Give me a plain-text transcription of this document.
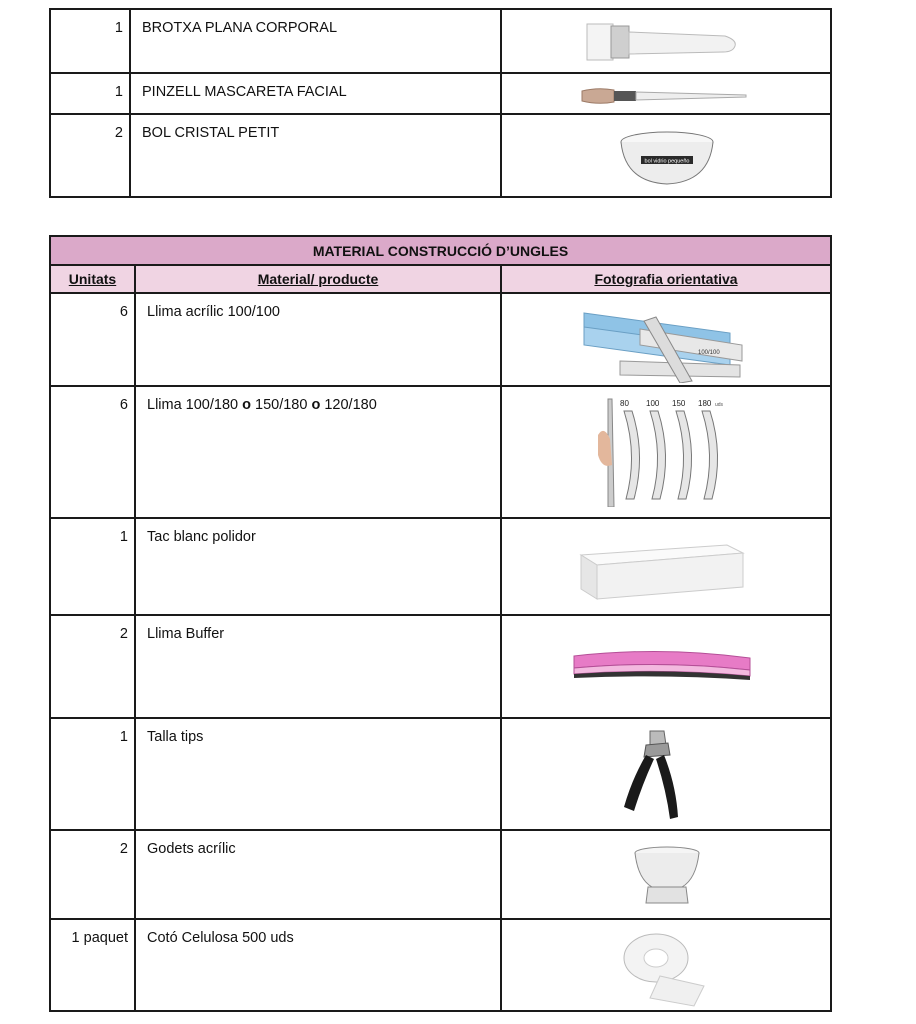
1	BROTXA PLANA CORPORAL	

1	PINZELL MASCARETA FACIAL	

2	BOL CRISTAL PETIT	bol vidrio pequeño
MATERIAL CONSTRUCCIÓ D’UNGLES		
Unitats	Material/ producte	Fotografia orientativa
6	Llima acrílic 100/100	100/100

6	Llima 100/180 o 150/180 o 120/180	80 100 150 180 uds

1	Tac blanc polidor	

2	Llima Buffer	

1	Talla tips	

2	Godets acrílic	

1 paquet	Cotó Celulosa 500 uds	
